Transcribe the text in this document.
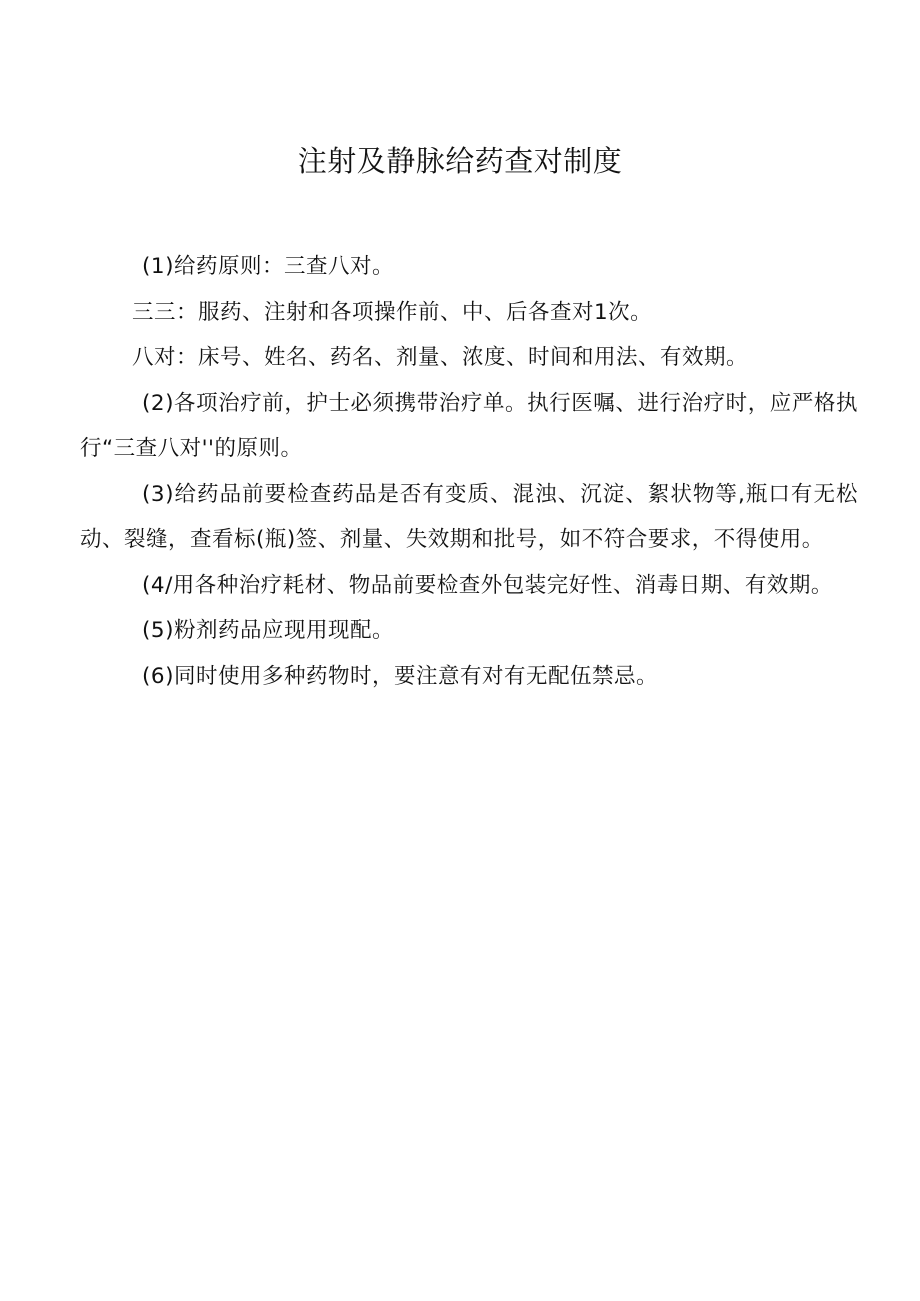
注射及静脉给药查对制度

(1)给药原则：三查八对。

三三：服药、注射和各项操作前、中、后各查对1次。

八对：床号、姓名、药名、剂量、浓度、时间和用法、有效期。

(2)各项治疗前，护士必须携带治疗单。执行医嘱、进行治疗时，应严格执行“三查八对''的原则。

(3)给药品前要检查药品是否有变质、混浊、沉淀、絮状物等,瓶口有无松动、裂缝，查看标(瓶)签、剂量、失效期和批号，如不符合要求，不得使用。

(4/用各种治疗耗材、物品前要检查外包装完好性、消毒日期、有效期。

(5)粉剂药品应现用现配。

(6)同时使用多种药物时，要注意有对有无配伍禁忌。
